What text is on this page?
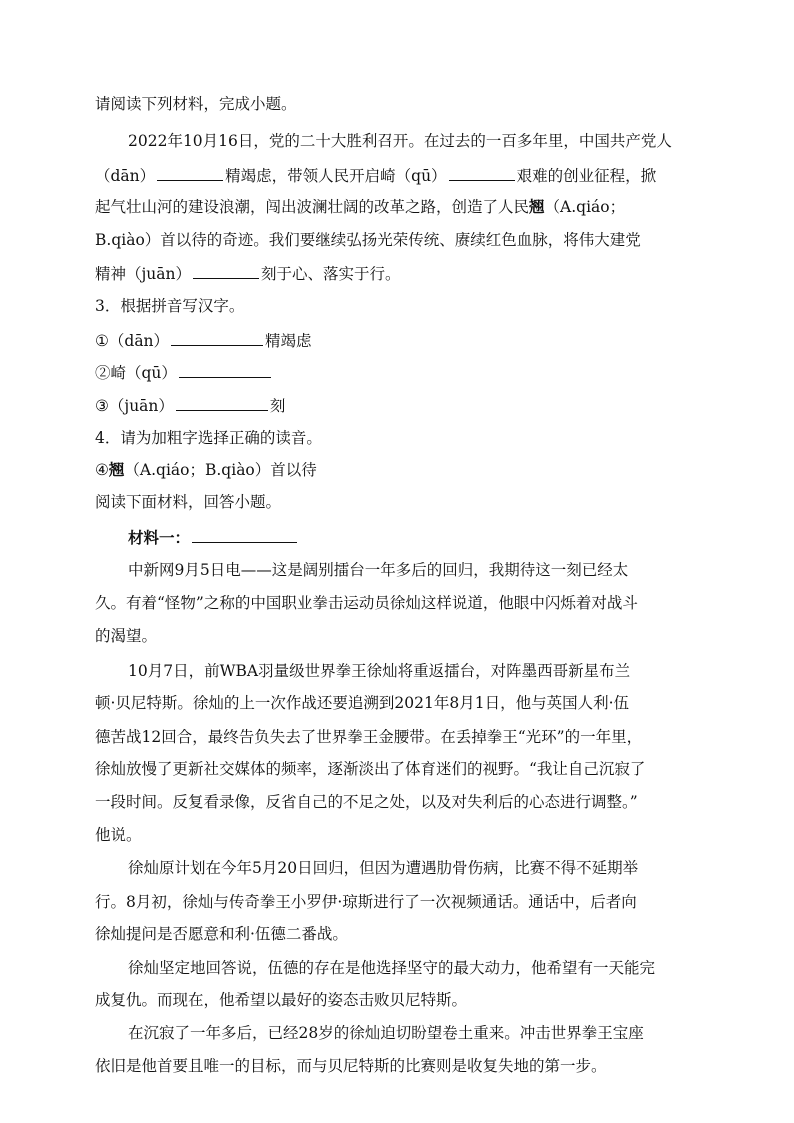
请阅读下列材料，完成小题。
2022年10月16日，党的二十大胜利召开。在过去的一百多年里，中国共产党人
（dān）	精竭虑，带领人民开启崎（qū）	艰难的创业征程，掀
起气壮山河的建设浪潮，闯出波澜壮阔的改革之路，创造了人民翘（A.qiáo；
B.qiào）首以待的奇迹。我们要继续弘扬光荣传统、赓续红色血脉，将伟大建党
精神（juān）	刻于心、落实于行。
3．根据拼音写汉字。
①（dān）	精竭虑
②崎（qū）
③（juān）	刻
4．请为加粗字选择正确的读音。
④翘（A.qiáo；B.qiào）首以待
阅读下面材料，回答小题。
材料一：
中新网9月5日电——这是阔别擂台一年多后的回归，我期待这一刻已经太
久。有着“怪物”之称的中国职业拳击运动员徐灿这样说道，他眼中闪烁着对战斗
的渴望。
10月7日，前WBA羽量级世界拳王徐灿将重返擂台，对阵墨西哥新星布兰
顿·贝尼特斯。徐灿的上一次作战还要追溯到2021年8月1日，他与英国人利·伍
德苦战12回合，最终告负失去了世界拳王金腰带。在丢掉拳王“光环”的一年里，
徐灿放慢了更新社交媒体的频率，逐渐淡出了体育迷们的视野。“我让自己沉寂了
一段时间。反复看录像，反省自己的不足之处，以及对失利后的心态进行调整。”
他说。
徐灿原计划在今年5月20日回归，但因为遭遇肋骨伤病，比赛不得不延期举
行。8月初，徐灿与传奇拳王小罗伊·琼斯进行了一次视频通话。通话中，后者向
徐灿提问是否愿意和利·伍德二番战。
徐灿坚定地回答说，伍德的存在是他选择坚守的最大动力，他希望有一天能完
成复仇。而现在，他希望以最好的姿态击败贝尼特斯。
在沉寂了一年多后，已经28岁的徐灿迫切盼望卷土重来。冲击世界拳王宝座
依旧是他首要且唯一的目标，而与贝尼特斯的比赛则是收复失地的第一步。
